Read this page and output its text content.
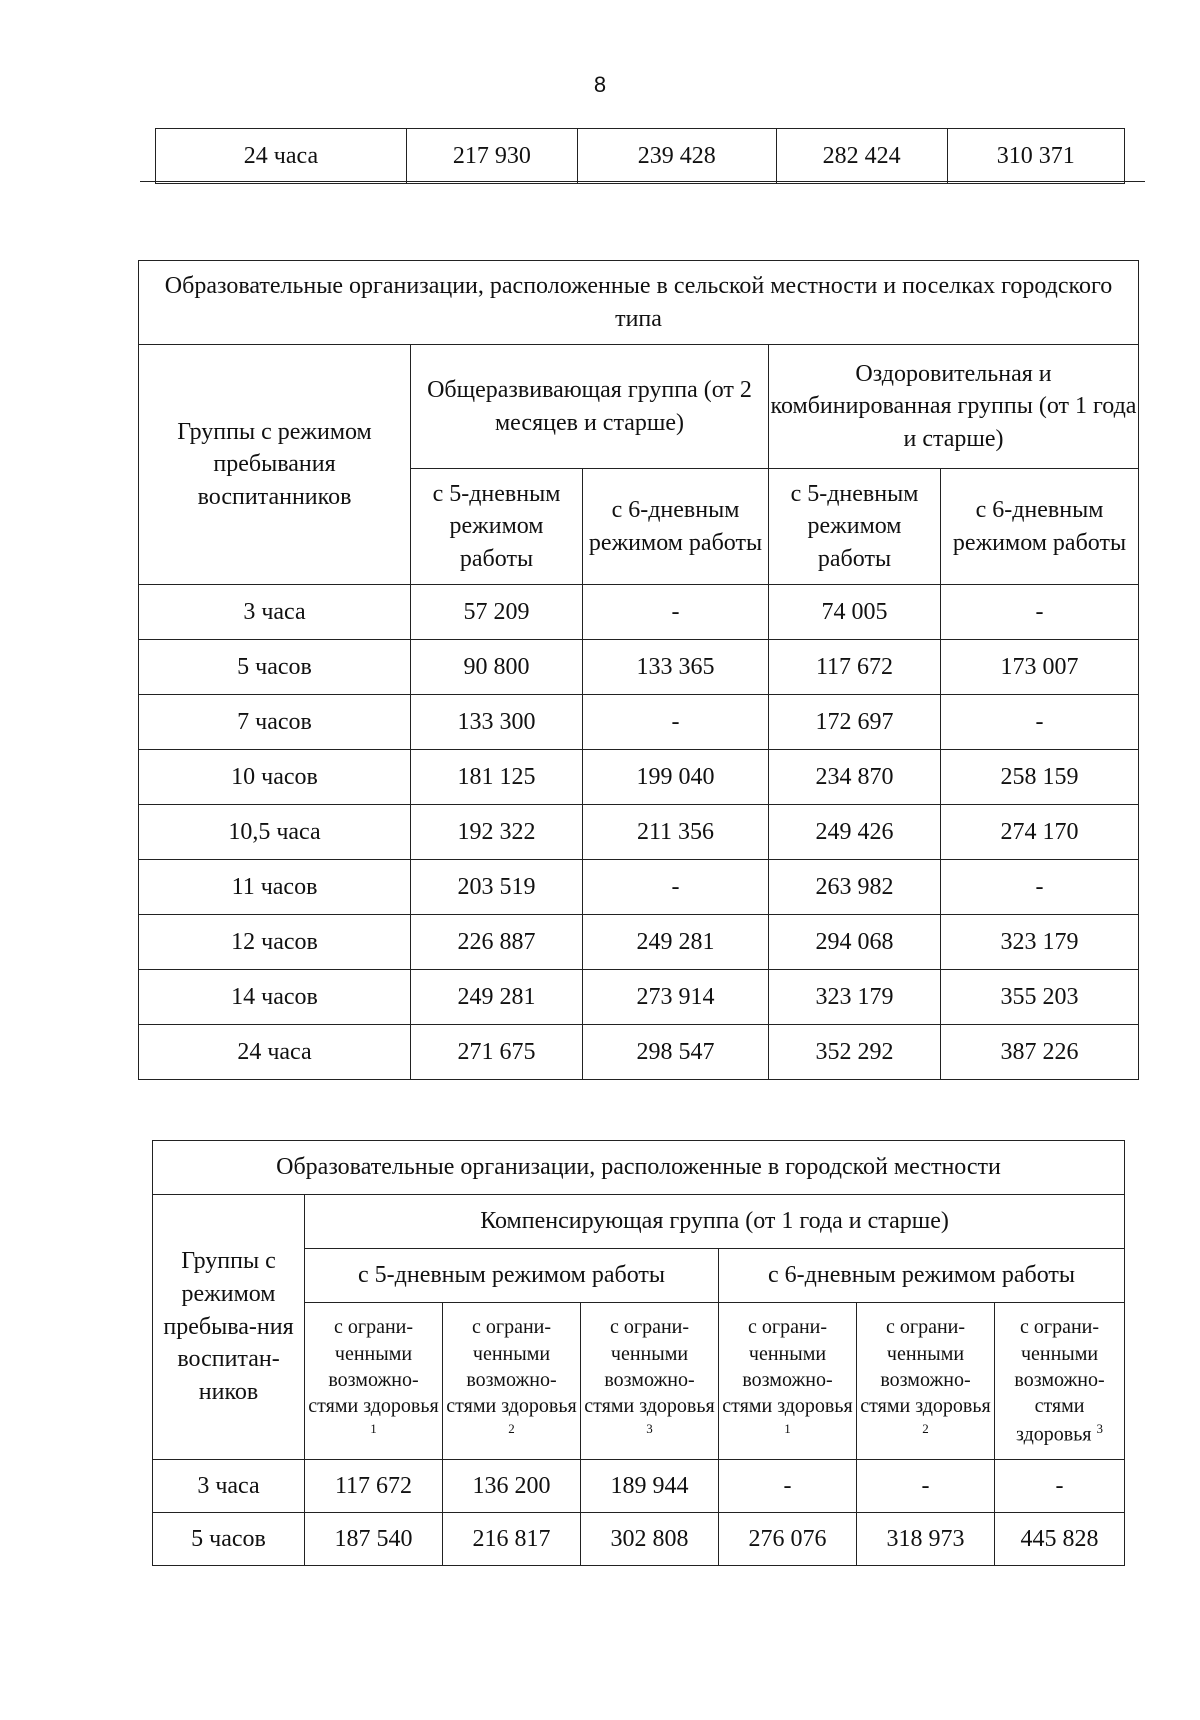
8
24 часа	217 930	239 428	282 424	310 371
Образовательные организации, расположенные в сельской местности и поселках городского типа				
Группы с режимом пребывания воспитанников	Общеразвивающая группа (от 2 месяцев и старше)		Оздоровительная и комбинированная группы (от 1 года и старше)	
	с 5-дневным режимом работы	с 6-дневным режимом работы	с 5-дневным режимом работы	с 6-дневным режимом работы
3 часа	57 209	-	74 005	-
5 часов	90 800	133 365	117 672	173 007
7 часов	133 300	-	172 697	-
10 часов	181 125	199 040	234 870	258 159
10,5 часа	192 322	211 356	249 426	274 170
11 часов	203 519	-	263 982	-
12 часов	226 887	249 281	294 068	323 179
14 часов	249 281	273 914	323 179	355 203
24 часа	271 675	298 547	352 292	387 226
Образовательные организации, расположенные в городской местности						
Группы с режимом пребыва-ния воспитан-ников	Компенсирующая группа (от 1 года и старше)					
	с 5-дневным режимом работы			с 6-дневным режимом работы		
	с ограни-ченными возможно-стями здоровья $^1$	с ограни-ченными возможно-стями здоровья $^2$	с ограни-ченными возможно-стями здоровья $^3$	с ограни-ченными возможно-стями здоровья $^1$	с ограни-ченными возможно-стями здоровья $^2$	с ограни-ченными возможно-стями здоровья $^3$
3 часа	117 672	136 200	189 944	-	-	-
5 часов	187 540	216 817	302 808	276 076	318 973	445 828
